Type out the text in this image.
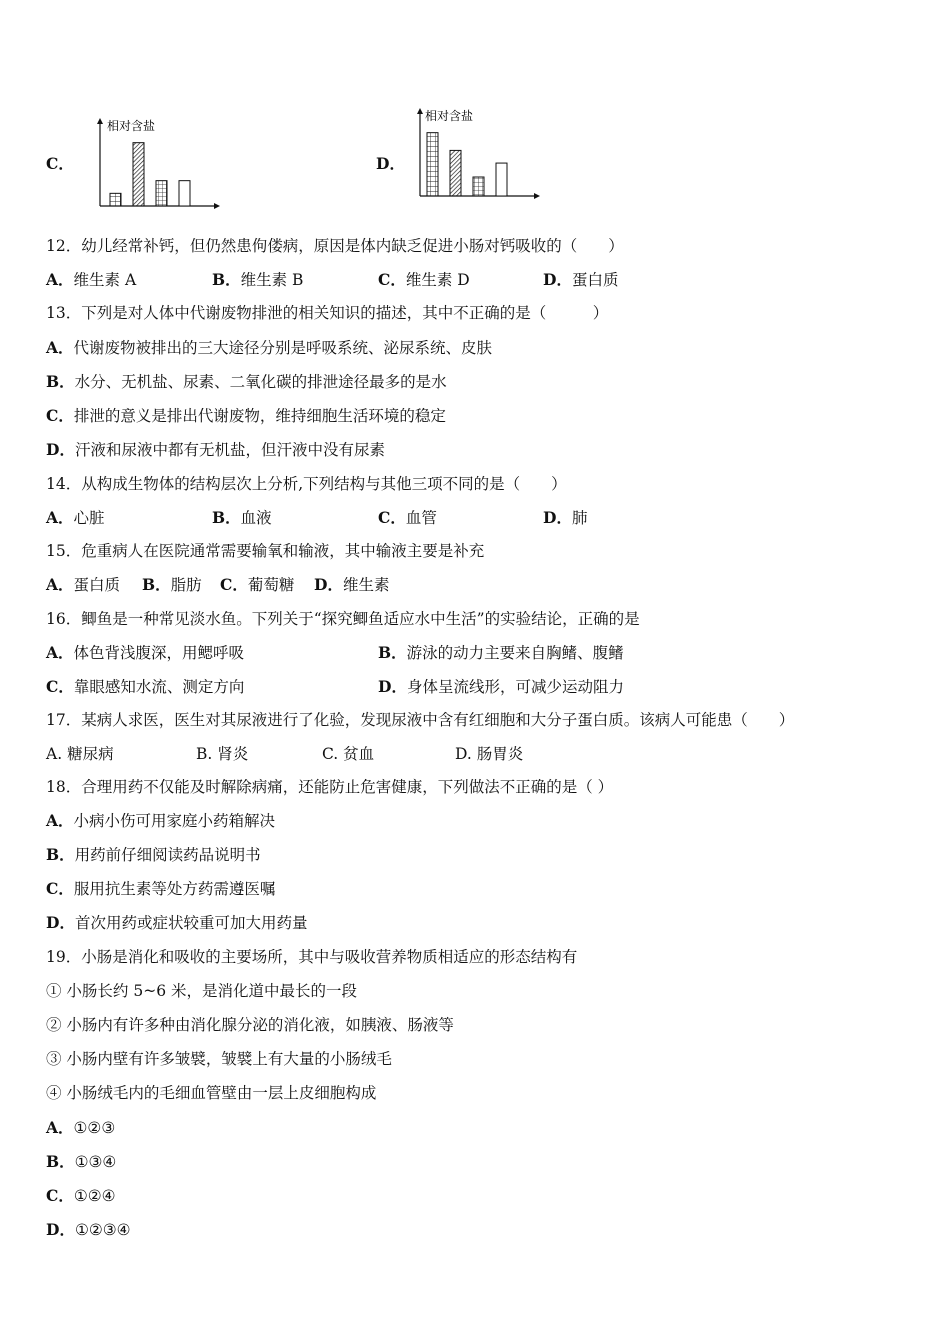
C．
相对含盐
D．
相对含盐
12．幼儿经常补钙，但仍然患佝偻病，原因是体内缺乏促进小肠对钙吸收的（　　）
A．维生素 A	B．维生素 B	C．维生素 D	D．蛋白质
13．下列是对人体中代谢废物排泄的相关知识的描述，其中不正确的是（　　　）
A．代谢废物被排出的三大途径分别是呼吸系统、泌尿系统、皮肤
B．水分、无机盐、尿素、二氧化碳的排泄途径最多的是水
C．排泄的意义是排出代谢废物，维持细胞生活环境的稳定
D．汗液和尿液中都有无机盐，但汗液中没有尿素
14．从构成生物体的结构层次上分析,下列结构与其他三项不同的是（　　）
A．心脏	B．血液	C．血管	D．肺
15．危重病人在医院通常需要输氧和输液，其中输液主要是补充
A．蛋白质 B．脂肪 C．葡萄糖 D．维生素
16．鲫鱼是一种常见淡水鱼。下列关于“探究鲫鱼适应水中生活”的实验结论，正确的是
A．体色背浅腹深，用鳃呼吸	B．游泳的动力主要来自胸鳍、腹鳍
C．靠眼感知水流、测定方向	D．身体呈流线形，可减少运动阻力
17．某病人求医，医生对其尿液进行了化验，发现尿液中含有红细胞和大分子蛋白质。该病人可能患（　　）
A. 糖尿病	B. 肾炎	C. 贫血	D. 肠胃炎
18．合理用药不仅能及时解除病痛，还能防止危害健康，下列做法不正确的是（ ）
A．小病小伤可用家庭小药箱解决
B．用药前仔细阅读药品说明书
C．服用抗生素等处方药需遵医嘱
D．首次用药或症状较重可加大用药量
19．小肠是消化和吸收的主要场所，其中与吸收营养物质相适应的形态结构有
① 小肠长约 5~6 米，是消化道中最长的一段
② 小肠内有许多种由消化腺分泌的消化液，如胰液、肠液等
③ 小肠内壁有许多皱襞，皱襞上有大量的小肠绒毛
④ 小肠绒毛内的毛细血管壁由一层上皮细胞构成
A．①②③
B．①③④
C．①②④
D．①②③④
